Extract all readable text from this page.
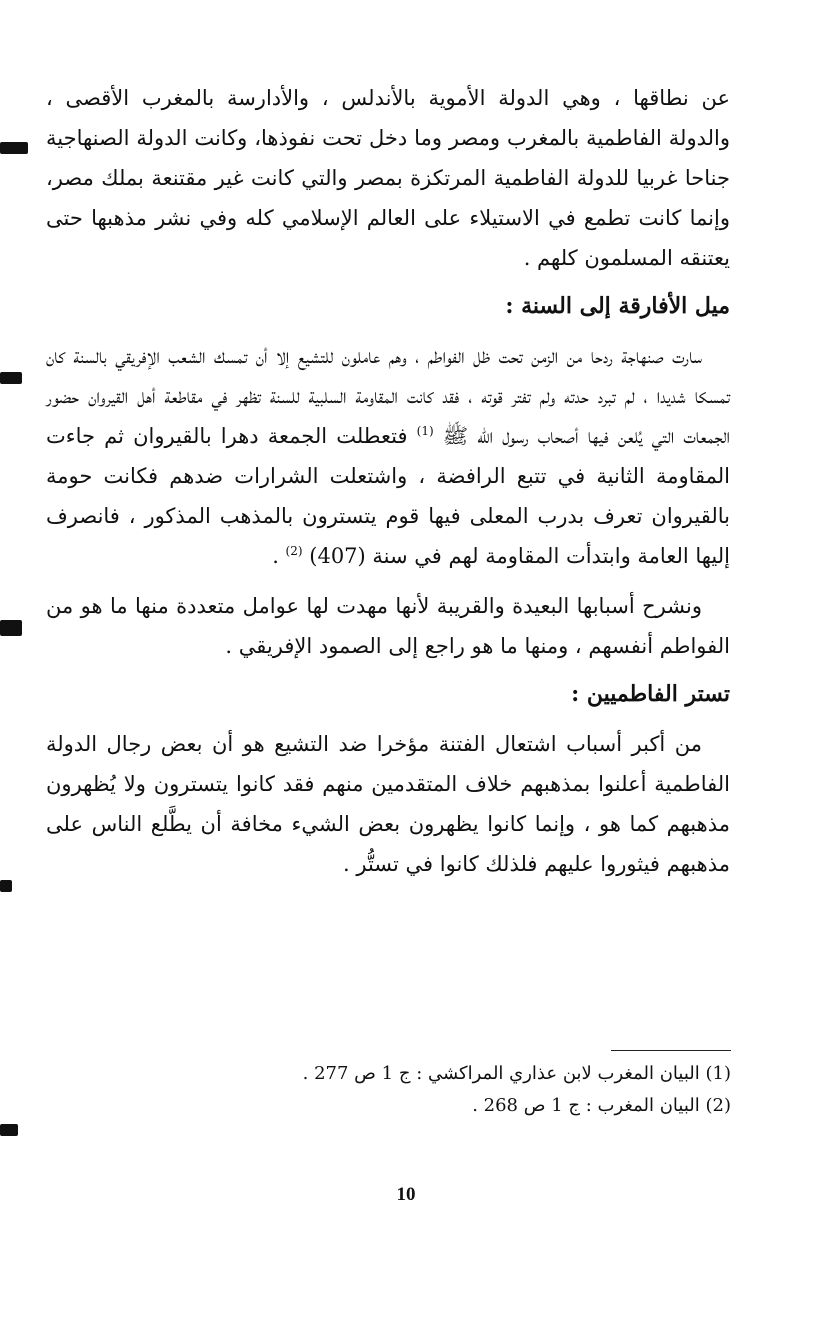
عن نطاقها ، وهي الدولة الأموية بالأندلس ، والأدارسة بالمغرب الأقصى ، والدولة الفاطمية بالمغرب ومصر وما دخل تحت نفوذها، وكانت الدولة الصنهاجية جناحا غربيا للدولة الفاطمية المرتكزة بمصر والتي كانت غير مقتنعة بملك مصر، وإنما كانت تطمع في الاستيلاء على العالم الإسلامي كله وفي نشر مذهبها حتى يعتنقه المسلمون كلهم .

ميل الأفارقة إلى السنة :

سارت صنهاجة ردحا من الزمن تحت ظل الفواطم ، وهم عاملون للتشيع إلا أن تمسك الشعب الإفريقي بالسنة كان تمسكا شديدا ، لم تبرد حدته ولم تفتر قوته ، فقد كانت المقاومة السلبية للسنة تظهر في مقاطعة أهل القيروان حضور الجمعات التي يُلعن فيها أصحاب رسول الله ﷺ $^{(1)}$ فتعطلت الجمعة دهرا بالقيروان ثم جاءت المقاومة الثانية في تتبع الرافضة ، واشتعلت الشرارات ضدهم فكانت حومة بالقيروان تعرف بدرب المعلى فيها قوم يتسترون بالمذهب المذكور ، فانصرف إليها العامة وابتدأت المقاومة لهم في سنة (407) $^{(2)}$ .

ونشرح أسبابها البعيدة والقريبة لأنها مهدت لها عوامل متعددة منها ما هو من الفواطم أنفسهم ، ومنها ما هو راجع إلى الصمود الإفريقي .

تستر الفاطميين :

من أكبر أسباب اشتعال الفتنة مؤخرا ضد التشيع هو أن بعض رجال الدولة الفاطمية أعلنوا بمذهبهم خلاف المتقدمين منهم فقد كانوا يتسترون ولا يُظهرون مذهبهم كما هو ، وإنما كانوا يظهرون بعض الشيء مخافة أن يطَّلع الناس على مذهبهم فيثوروا عليهم فلذلك كانوا في تستُّر .

(1) البيان المغرب لابن عذاري المراكشي : ج 1 ص 277 .
(2) البيان المغرب : ج 1 ص 268 .
10
